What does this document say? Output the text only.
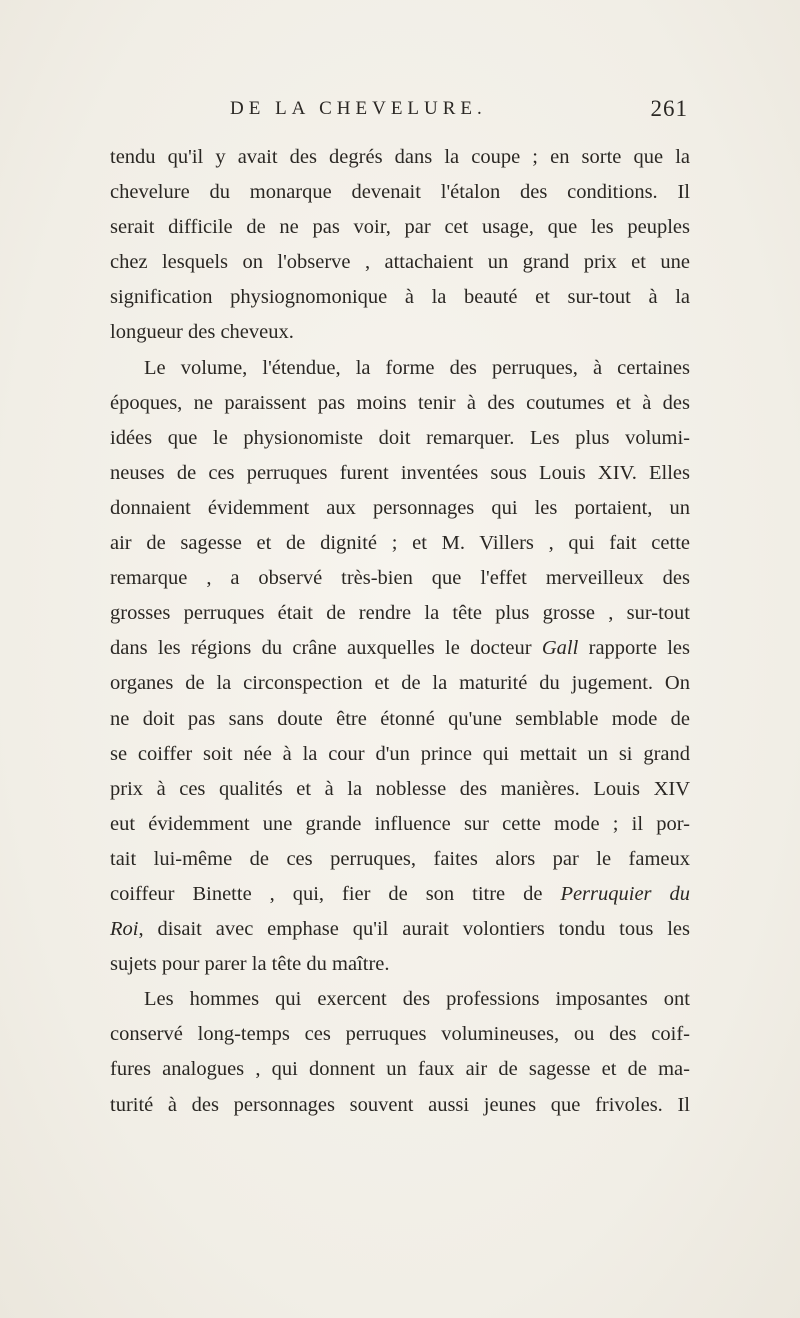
DE LA CHEVELURE.	261
tendu qu'il y avait des degrés dans la coupe ; en sorte que la
chevelure du monarque devenait l'étalon des conditions. Il
serait difficile de ne pas voir, par cet usage, que les peuples
chez lesquels on l'observe , attachaient un grand prix et une
signification physiognomonique à la beauté et sur-tout à la
longueur des cheveux.
Le volume, l'étendue, la forme des perruques, à certaines
époques, ne paraissent pas moins tenir à des coutumes et à des
idées que le physionomiste doit remarquer. Les plus volumi-
neuses de ces perruques furent inventées sous Louis XIV. Elles
donnaient évidemment aux personnages qui les portaient, un
air de sagesse et de dignité ; et M. Villers , qui fait cette
remarque , a observé très-bien que l'effet merveilleux des
grosses perruques était de rendre la tête plus grosse , sur-tout
dans les régions du crâne auxquelles le docteur Gall rapporte les
organes de la circonspection et de la maturité du jugement. On
ne doit pas sans doute être étonné qu'une semblable mode de
se coiffer soit née à la cour d'un prince qui mettait un si grand
prix à ces qualités et à la noblesse des manières. Louis XIV
eut évidemment une grande influence sur cette mode ; il por-
tait lui-même de ces perruques, faites alors par le fameux
coiffeur Binette , qui, fier de son titre de Perruquier du
Roi, disait avec emphase qu'il aurait volontiers tondu tous les
sujets pour parer la tête du maître.
Les hommes qui exercent des professions imposantes ont
conservé long-temps ces perruques volumineuses, ou des coif-
fures analogues , qui donnent un faux air de sagesse et de ma-
turité à des personnages souvent aussi jeunes que frivoles. Il
